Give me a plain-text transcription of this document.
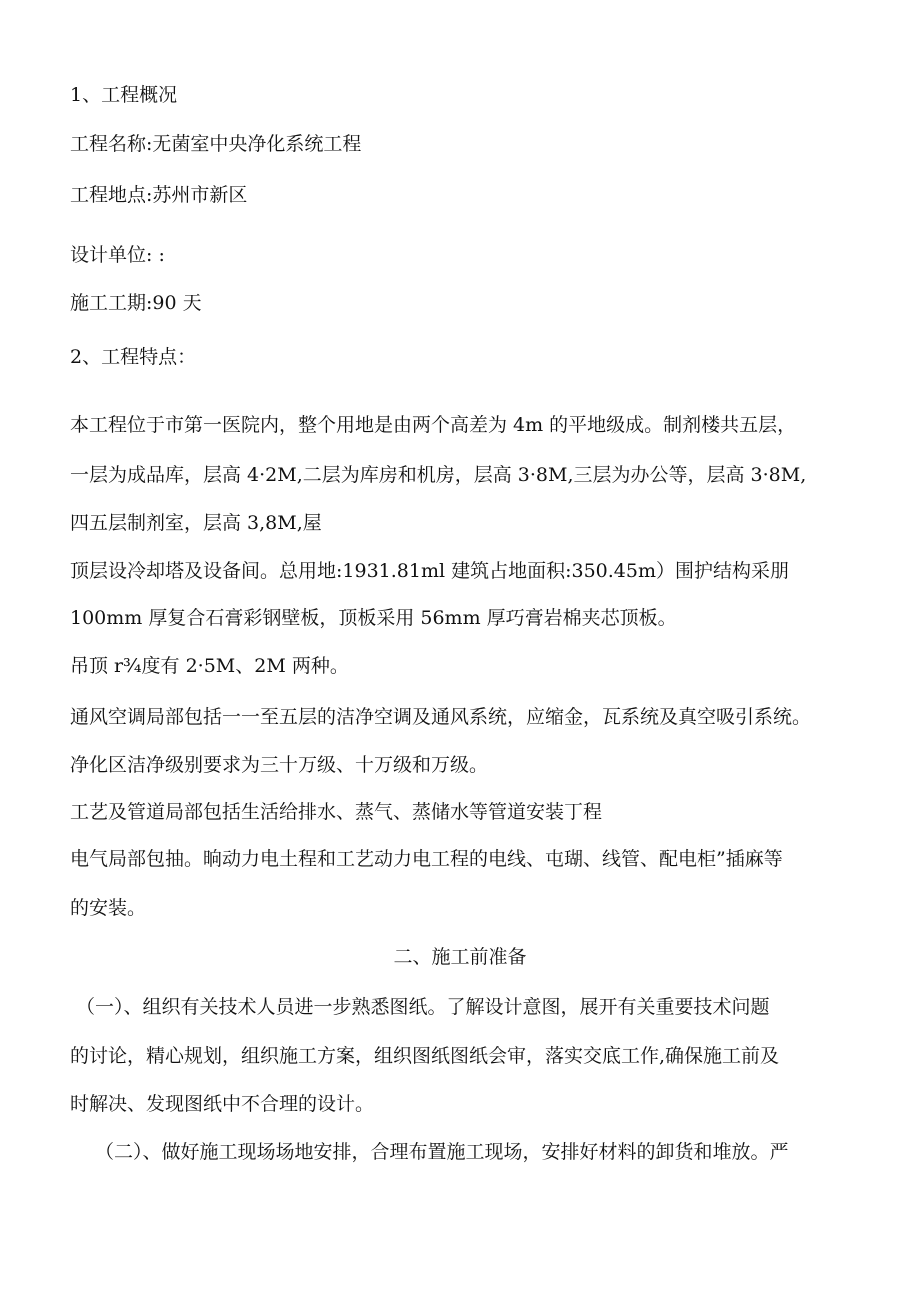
1、工程概况
工程名称:无菌室中央净化系统工程
工程地点:苏州市新区
设计单位: :
施工工期:90 天
2、工程特点：
本工程位于市第一医院内，整个用地是由两个高差为 4m 的平地级成。制剂楼共五层，
一层为成品库，层高 4·2M,二层为库房和机房，层高 3·8M,三层为办公等，层高 3·8M,
四五层制剂室，层高 3,8M,屋
顶层设冷却塔及设备间。总用地:1931.81ml 建筑占地面积:350.45m）围护结构采朋
100mm 厚复合石膏彩钢壁板，顶板采用 56mm 厚巧膏岩棉夹芯顶板。
吊顶 r¾度有 2·5M、2M 两种。
通风空调局部包括一一至五层的洁净空调及通风系统，应缩金，瓦系统及真空吸引系统。
净化区洁净级别要求为三十万级、十万级和万级。
工艺及管道局部包括生活给排水、蒸气、蒸储水等管道安装丁程
电气局部包抽。晌动力电土程和工艺动力电工程的电线、屯瑚、线管、配电柜”插麻等
的安装。
二、施工前准备
（一）、组织有关技术人员进一步熟悉图纸。了解设计意图，展开有关重要技术问题
的讨论，精心规划，组织施工方案，组织图纸图纸会审，落实交底工作,确保施工前及
时解决、发现图纸中不合理的设计。
（二）、做好施工现场场地安排，合理布置施工现场，安排好材料的卸货和堆放。严
